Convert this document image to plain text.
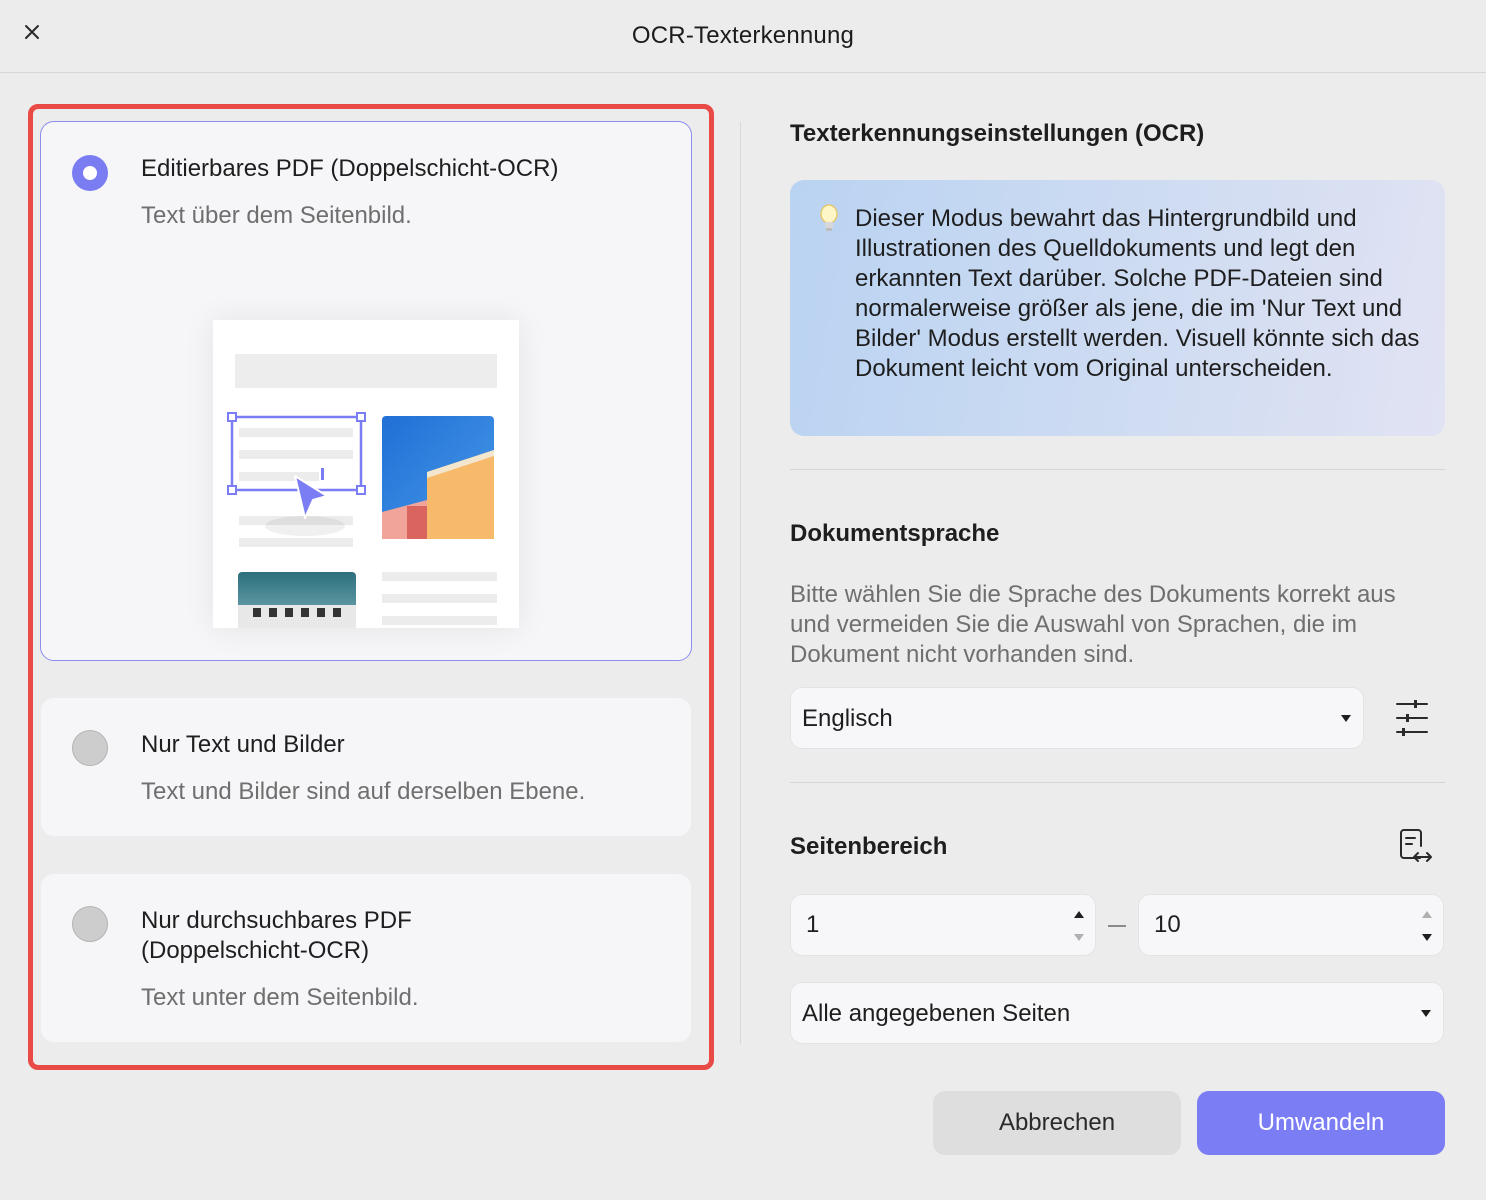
OCR-Texterkennung
Editierbares PDF (Doppelschicht-OCR)
Text über dem Seitenbild.
Nur Text und Bilder
Text und Bilder sind auf derselben Ebene.
Nur durchsuchbares PDF
(Doppelschicht-OCR)
Text unter dem Seitenbild.
Texterkennungseinstellungen (OCR)
Dieser Modus bewahrt das Hintergrundbild und Illustrationen des Quelldokuments und legt den erkannten Text darüber. Solche PDF-Dateien sind normalerweise größer als jene, die im 'Nur Text und Bilder' Modus erstellt werden. Visuell könnte sich das Dokument leicht vom Original unterscheiden.
Dokumentsprache
Bitte wählen Sie die Sprache des Dokuments korrekt aus und vermeiden Sie die Auswahl von Sprachen, die im Dokument nicht vorhanden sind.
Englisch
Seitenbereich
1
10
Alle angegebenen Seiten
Abbrechen	Umwandeln
